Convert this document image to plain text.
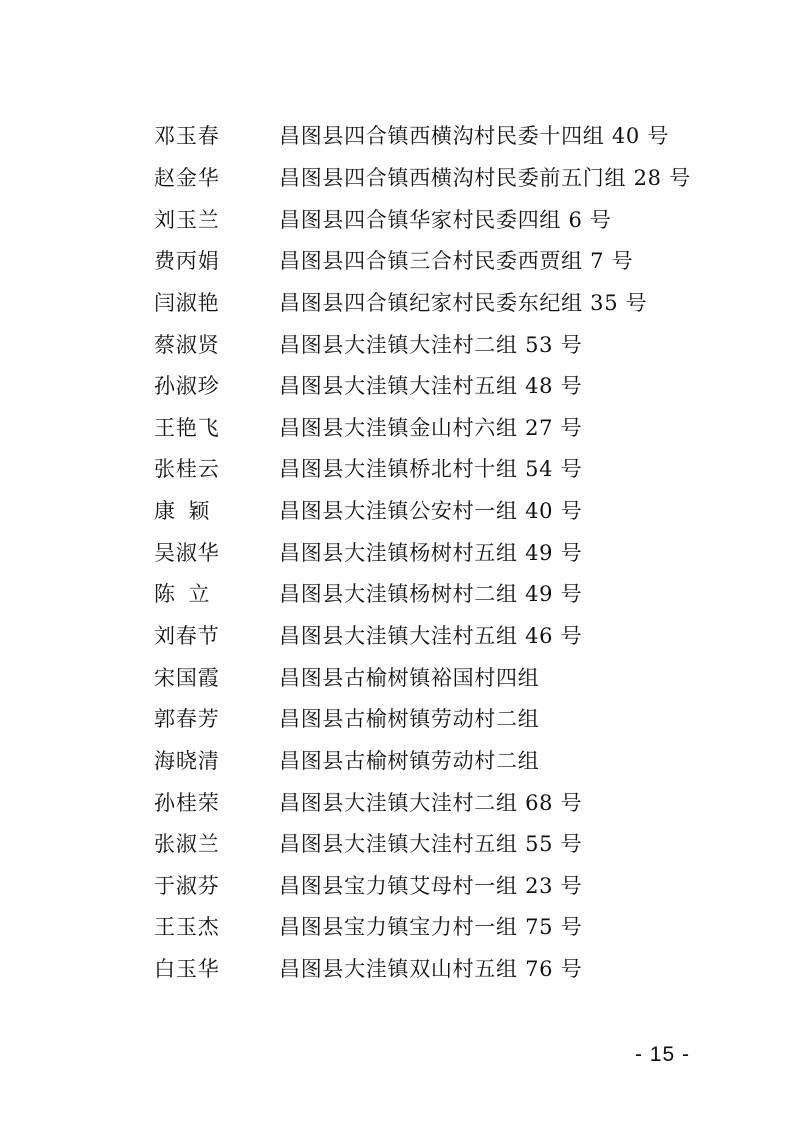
邓玉春	昌图县四合镇西横沟村民委十四组 40 号
赵金华	昌图县四合镇西横沟村民委前五门组 28 号
刘玉兰	昌图县四合镇华家村民委四组 6 号
费丙娟	昌图县四合镇三合村民委西贾组 7 号
闫淑艳	昌图县四合镇纪家村民委东纪组 35 号
蔡淑贤	昌图县大洼镇大洼村二组 53 号
孙淑珍	昌图县大洼镇大洼村五组 48 号
王艳飞	昌图县大洼镇金山村六组 27 号
张桂云	昌图县大洼镇桥北村十组 54 号
康  颖	昌图县大洼镇公安村一组 40 号
吴淑华	昌图县大洼镇杨树村五组 49 号
陈  立	昌图县大洼镇杨树村二组 49 号
刘春节	昌图县大洼镇大洼村五组 46 号
宋国霞	昌图县古榆树镇裕国村四组
郭春芳	昌图县古榆树镇劳动村二组
海晓清	昌图县古榆树镇劳动村二组
孙桂荣	昌图县大洼镇大洼村二组 68 号
张淑兰	昌图县大洼镇大洼村五组 55 号
于淑芬	昌图县宝力镇艾母村一组 23 号
王玉杰	昌图县宝力镇宝力村一组 75 号
白玉华	昌图县大洼镇双山村五组 76 号
- 15 -
